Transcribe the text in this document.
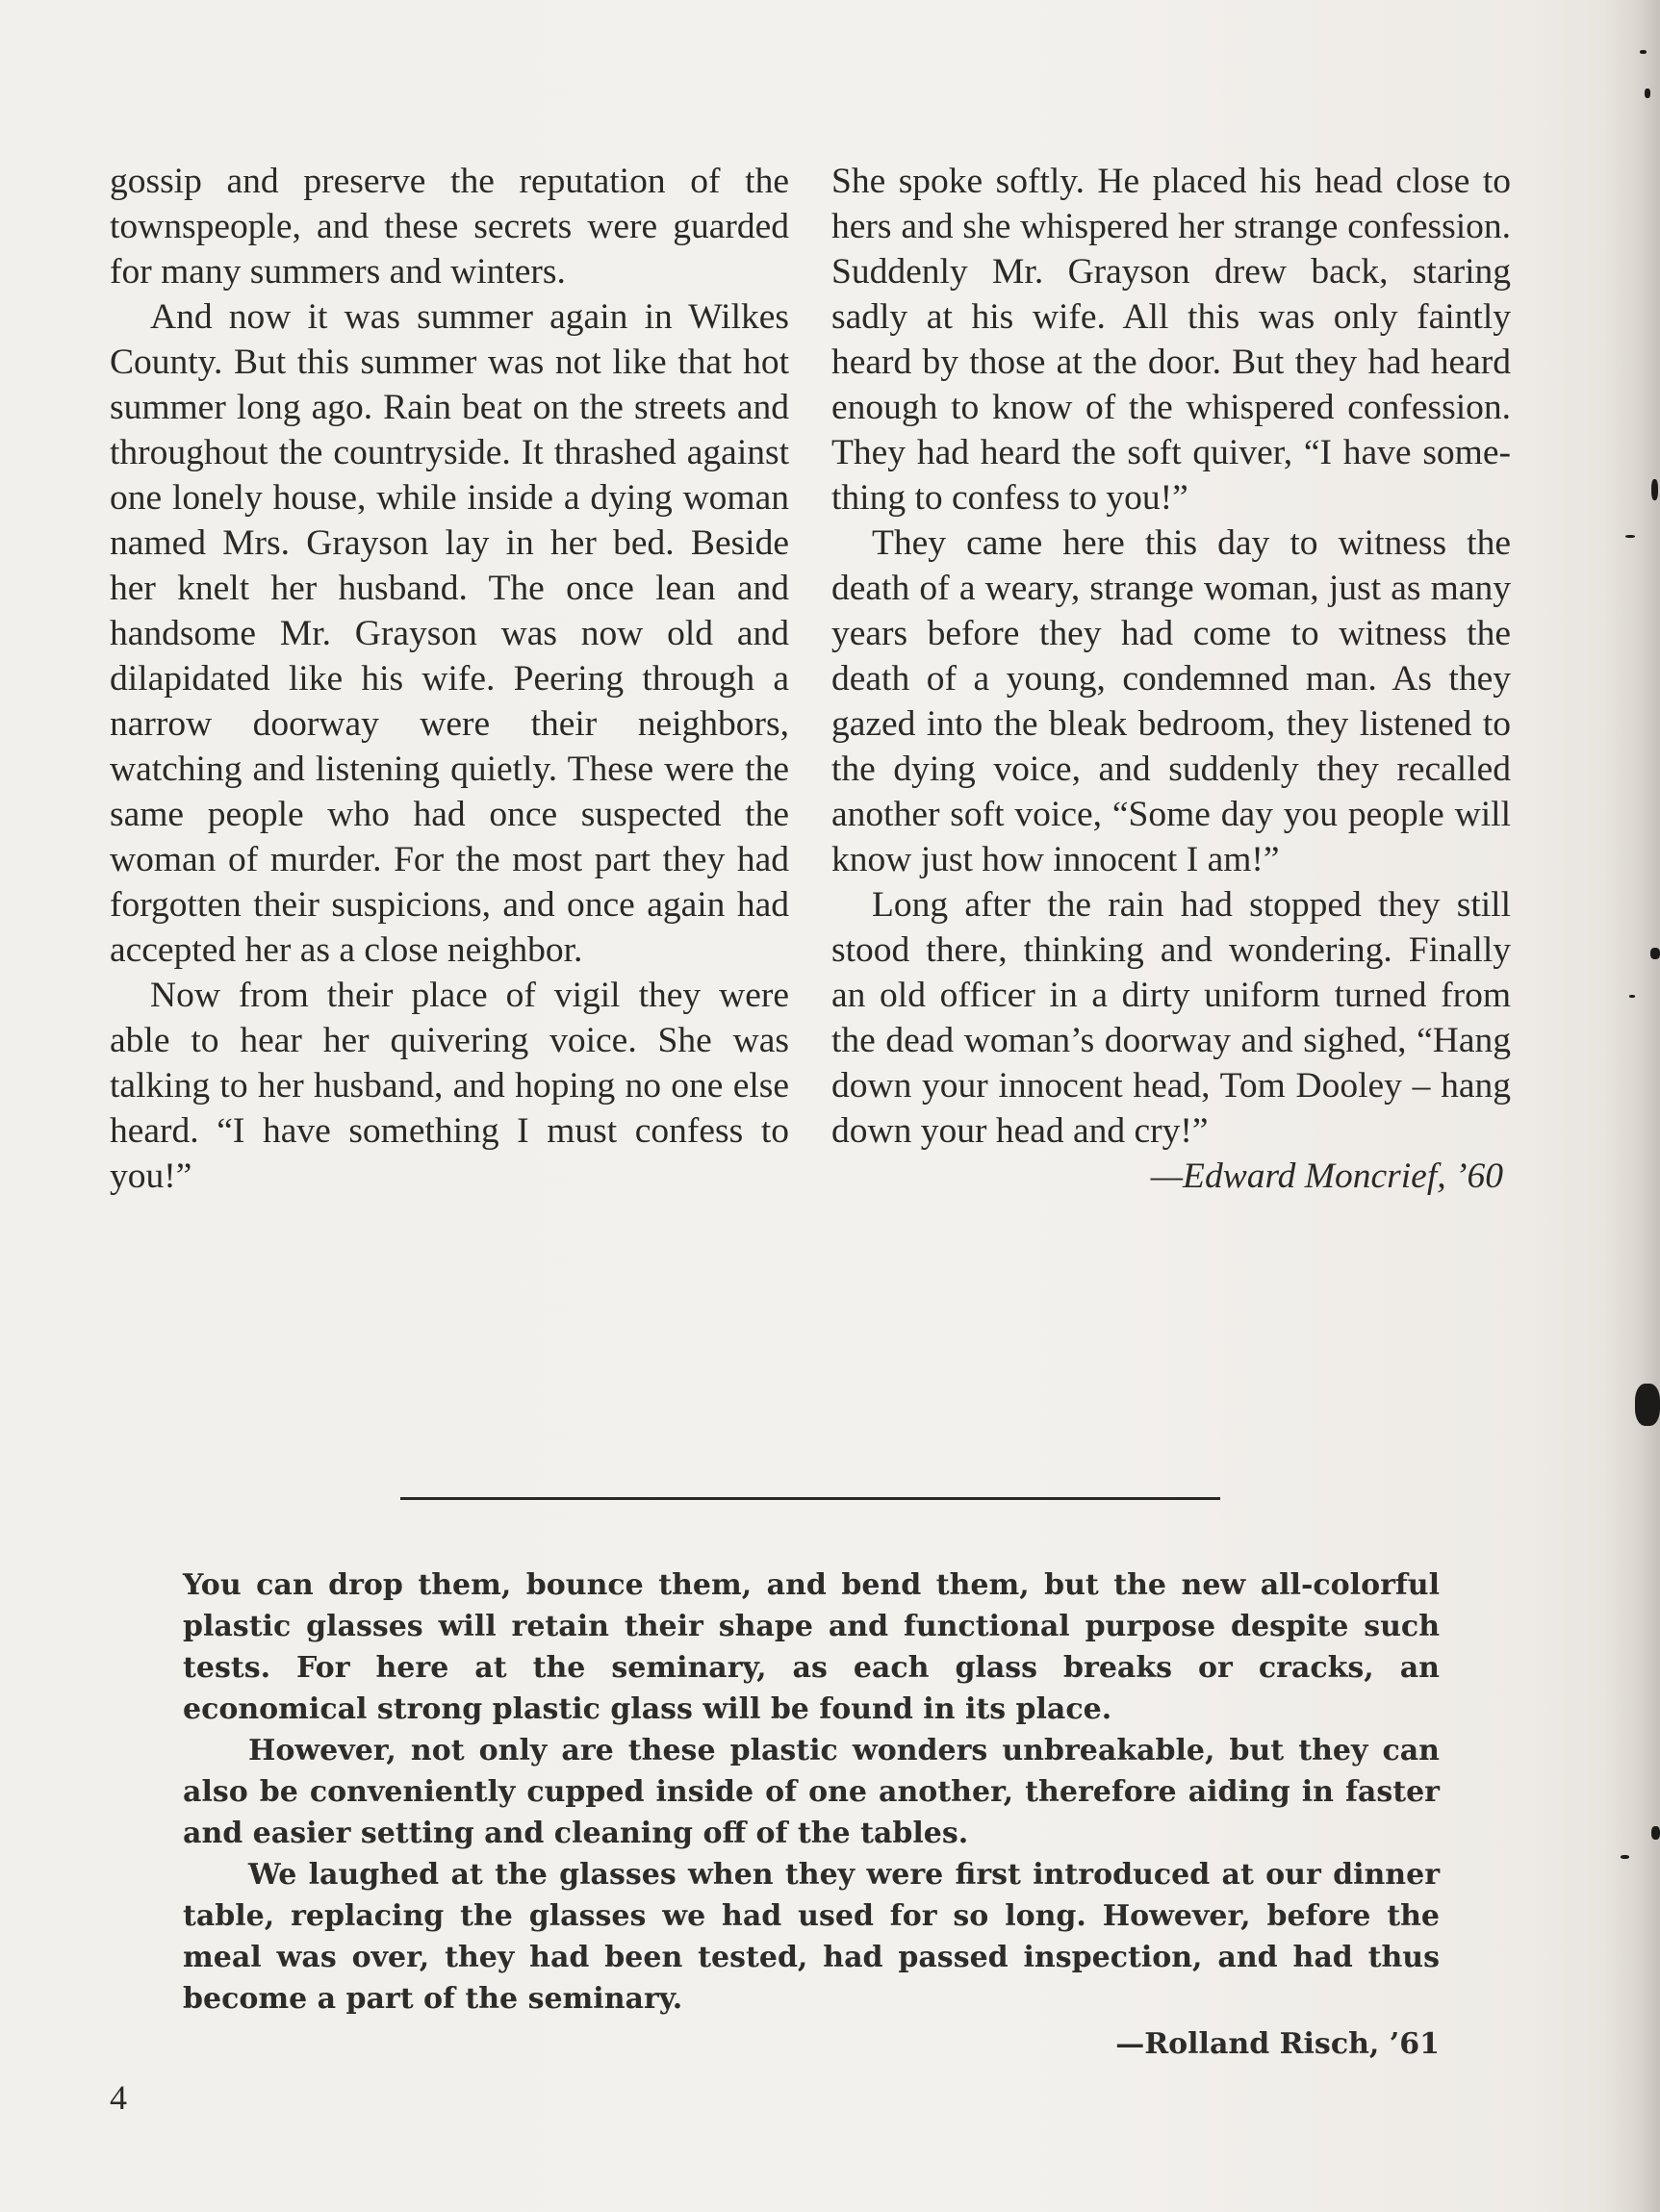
gossip and preserve the reputation of the townspeople, and these secrets were guarded for many summers and winters.

And now it was summer again in Wilkes County. But this summer was not like that hot summer long ago. Rain beat on the streets and throughout the countryside. It thrashed against one lonely house, while inside a dying woman named Mrs. Grayson lay in her bed. Beside her knelt her husband. The once lean and handsome Mr. Grayson was now old and dilapidated like his wife. Peering through a narrow doorway were their neighbors, watching and listening quietly. These were the same people who had once suspected the woman of murder. For the most part they had forgotten their suspicions, and once again had accepted her as a close neighbor.

Now from their place of vigil they were able to hear her quivering voice. She was talking to her husband, and hoping no one else heard. “I have something I must confess to you!”

She spoke softly. He placed his head close to hers and she whispered her strange confession. Suddenly Mr. Grayson drew back, staring sadly at his wife. All this was only faintly heard by those at the door. But they had heard enough to know of the whispered confession. They had heard the soft quiver, “I have something to confess to you!”

They came here this day to witness the death of a weary, strange woman, just as many years before they had come to witness the death of a young, condemned man. As they gazed into the bleak bedroom, they listened to the dying voice, and suddenly they recalled another soft voice, “Some day you people will know just how innocent I am!”

Long after the rain had stopped they still stood there, thinking and wondering. Finally an old officer in a dirty uniform turned from the dead woman’s doorway and sighed, “Hang down your innocent head, Tom Dooley – hang down your head and cry!”

—Edward Moncrief, ’60

You can drop them, bounce them, and bend them, but the new all-colorful plastic glasses will retain their shape and functional purpose despite such tests. For here at the seminary, as each glass breaks or cracks, an economical strong plastic glass will be found in its place.

However, not only are these plastic wonders unbreakable, but they can also be conveniently cupped inside of one another, therefore aiding in faster and easier setting and cleaning off of the tables.

We laughed at the glasses when they were first introduced at our dinner table, replacing the glasses we had used for so long. However, before the meal was over, they had been tested, had passed inspection, and had thus become a part of the seminary.

—Rolland Risch, ’61

4
